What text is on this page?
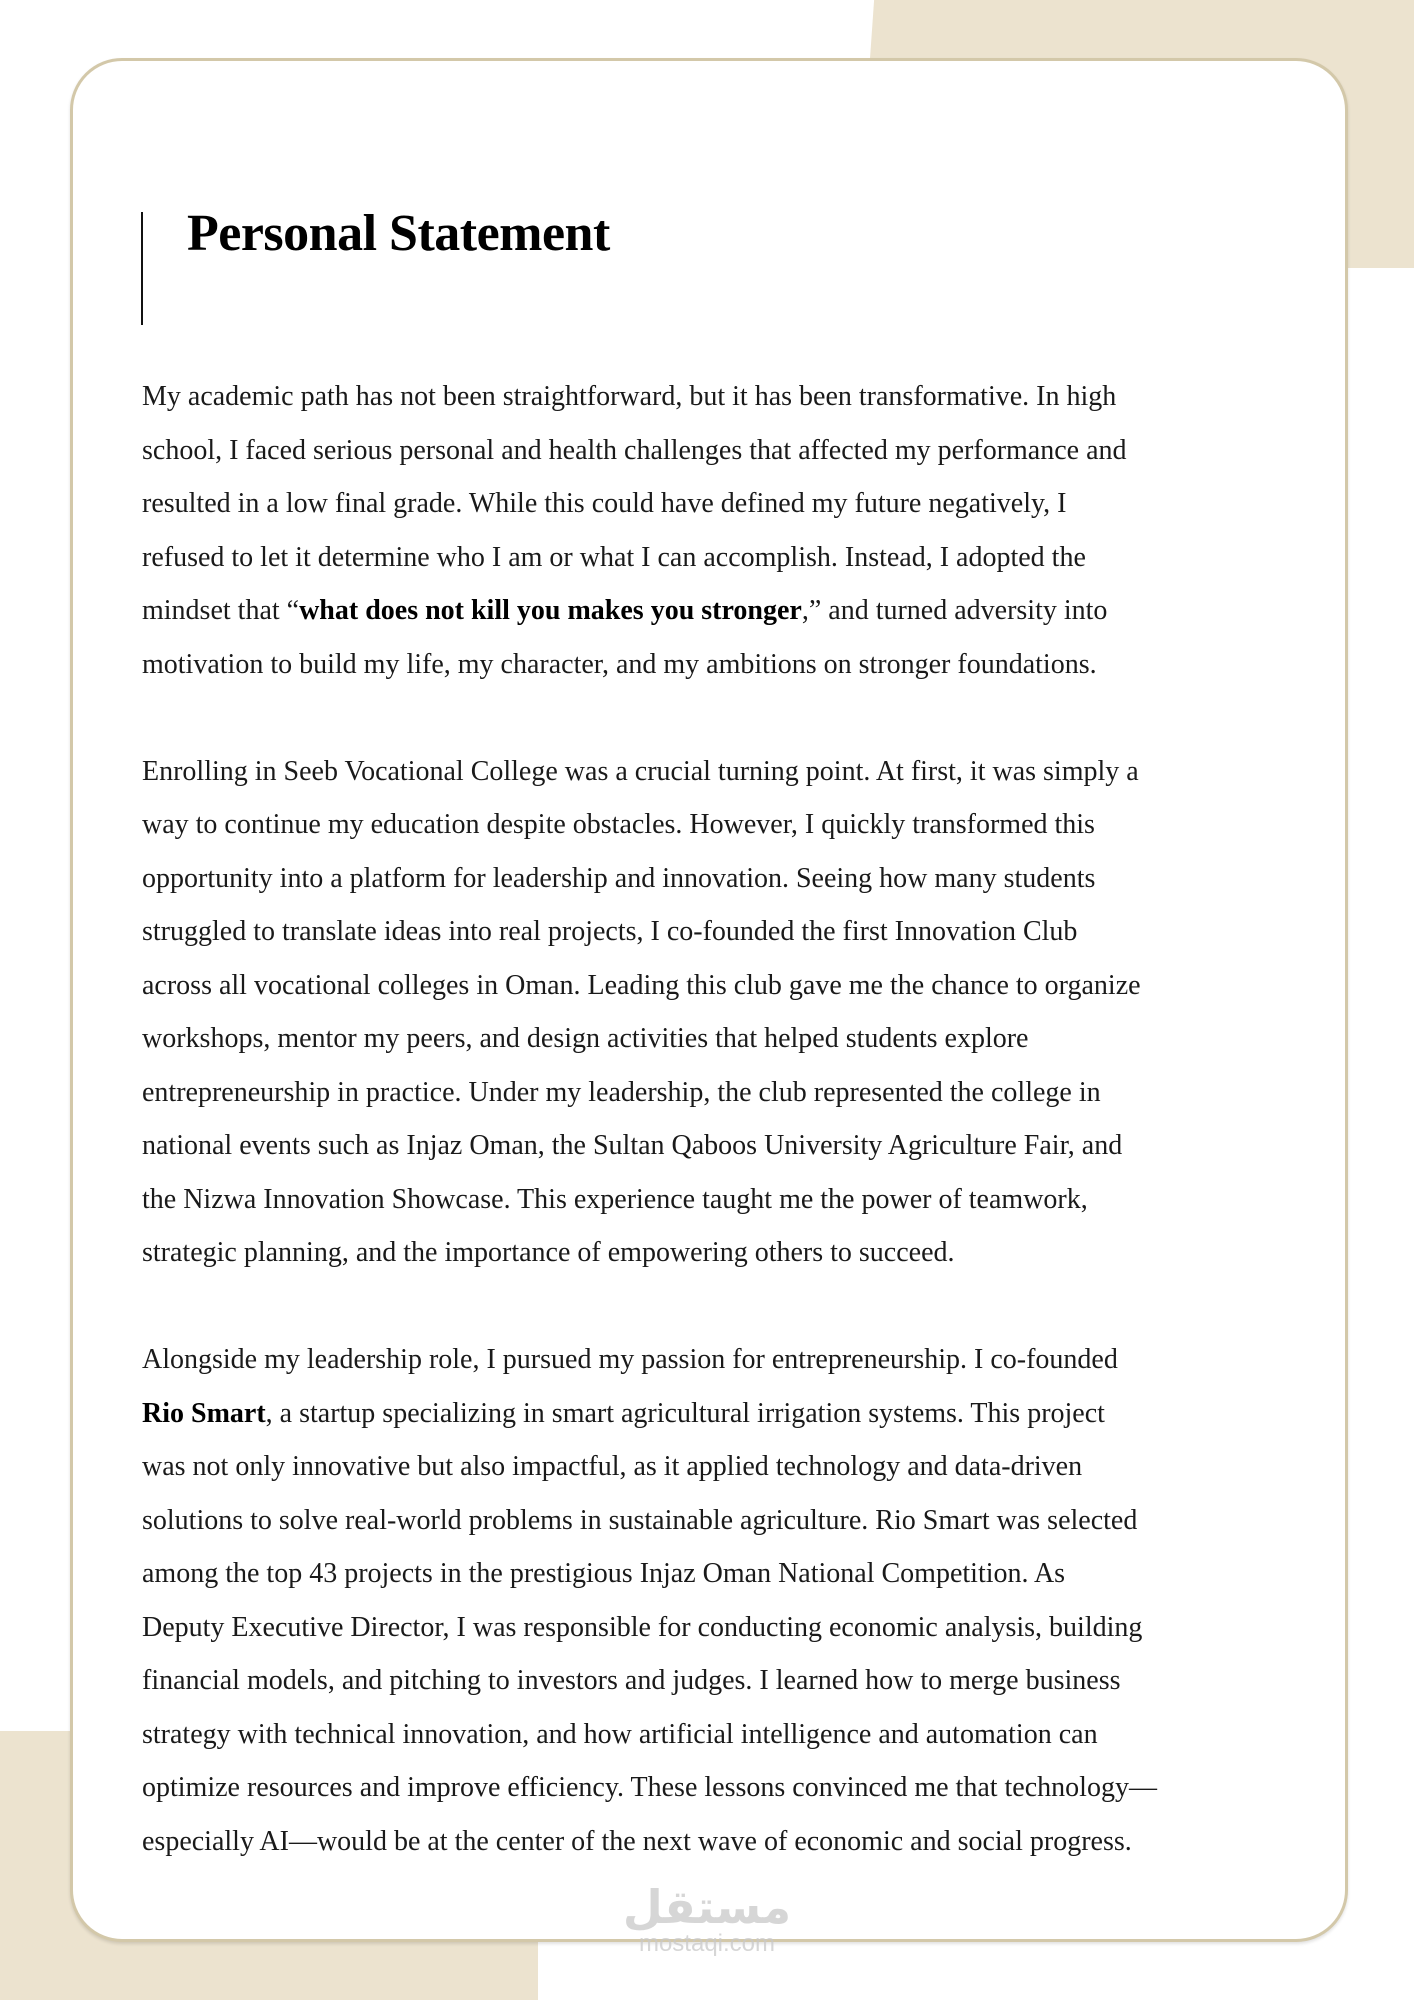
Personal Statement

My academic path has not been straightforward, but it has been transformative. In high
school, I faced serious personal and health challenges that affected my performance and
resulted in a low final grade. While this could have defined my future negatively, I
refused to let it determine who I am or what I can accomplish. Instead, I adopted the
mindset that “what does not kill you makes you stronger,” and turned adversity into
motivation to build my life, my character, and my ambitions on stronger foundations.

Enrolling in Seeb Vocational College was a crucial turning point. At first, it was simply a
way to continue my education despite obstacles. However, I quickly transformed this
opportunity into a platform for leadership and innovation. Seeing how many students
struggled to translate ideas into real projects, I co-founded the first Innovation Club
across all vocational colleges in Oman. Leading this club gave me the chance to organize
workshops, mentor my peers, and design activities that helped students explore
entrepreneurship in practice. Under my leadership, the club represented the college in
national events such as Injaz Oman, the Sultan Qaboos University Agriculture Fair, and
the Nizwa Innovation Showcase. This experience taught me the power of teamwork,
strategic planning, and the importance of empowering others to succeed.

Alongside my leadership role, I pursued my passion for entrepreneurship. I co-founded
Rio Smart, a startup specializing in smart agricultural irrigation systems. This project
was not only innovative but also impactful, as it applied technology and data-driven
solutions to solve real-world problems in sustainable agriculture. Rio Smart was selected
among the top 43 projects in the prestigious Injaz Oman National Competition. As
Deputy Executive Director, I was responsible for conducting economic analysis, building
financial models, and pitching to investors and judges. I learned how to merge business
strategy with technical innovation, and how artificial intelligence and automation can
optimize resources and improve efficiency. These lessons convinced me that technology—
especially AI—would be at the center of the next wave of economic and social progress.

مستقل
mostaqi.com
